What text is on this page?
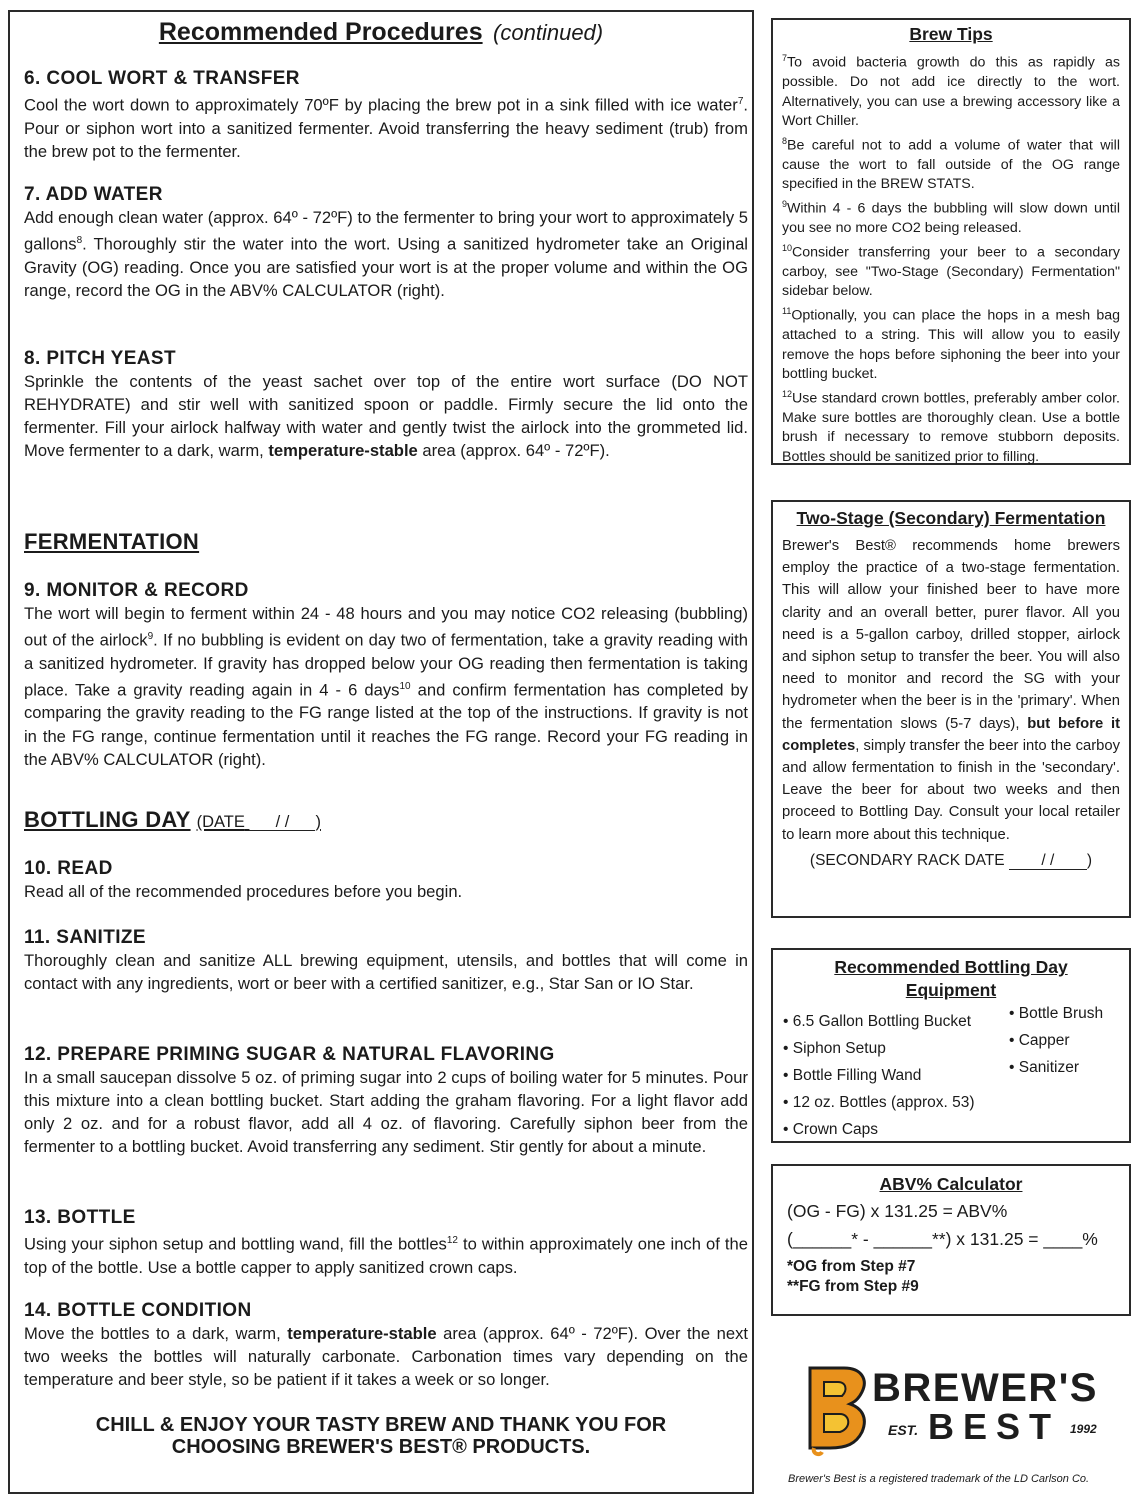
Recommended Procedures (continued)
6. COOL WORT & TRANSFER

Cool the wort down to approximately 70ºF by placing the brew pot in a sink filled with ice water$^7$. Pour or siphon wort into a sanitized fermenter. Avoid transferring the heavy sediment (trub) from the brew pot to the fermenter.

7. ADD WATER

Add enough clean water (approx. 64º - 72ºF) to the fermenter to bring your wort to approximately 5 gallons$^8$. Thoroughly stir the water into the wort. Using a sanitized hydrometer take an Original Gravity (OG) reading. Once you are satisfied your wort is at the proper volume and within the OG range, record the OG in the ABV% CALCULATOR (right).

8. PITCH YEAST

Sprinkle the contents of the yeast sachet over top of the entire wort surface (DO NOT REHYDRATE) and stir well with sanitized spoon or paddle. Firmly secure the lid onto the fermenter. Fill your airlock halfway with water and gently twist the airlock into the grommeted lid. Move fermenter to a dark, warm, temperature-stable area (approx. 64º - 72ºF).

FERMENTATION
9. MONITOR & RECORD

The wort will begin to ferment within 24 - 48 hours and you may notice CO2 releasing (bubbling) out of the airlock$^9$. If no bubbling is evident on day two of fermentation, take a gravity reading with a sanitized hydrometer. If gravity has dropped below your OG reading then fermentation is taking place. Take a gravity reading again in 4 - 6 days$^{10}$ and confirm fermentation has completed by comparing the gravity reading to the FG range listed at the top of the instructions. If gravity is not in the FG range, continue fermentation until it reaches the FG range. Record your FG reading in the ABV% CALCULATOR (right).

BOTTLING DAY (DATE / / )
10. READ

Read all of the recommended procedures before you begin.

11. SANITIZE

Thoroughly clean and sanitize ALL brewing equipment, utensils, and bottles that will come in contact with any ingredients, wort or beer with a certified sanitizer, e.g., Star San or IO Star.

12. PREPARE PRIMING SUGAR & NATURAL FLAVORING

In a small saucepan dissolve 5 oz. of priming sugar into 2 cups of boiling water for 5 minutes. Pour this mixture into a clean bottling bucket. Start adding the graham flavoring. For a light flavor add only 2 oz. and for a robust flavor, add all 4 oz. of flavoring. Carefully siphon beer from the fermenter to a bottling bucket. Avoid transferring any sediment. Stir gently for about a minute.

13. BOTTLE

Using your siphon setup and bottling wand, fill the bottles$^{12}$ to within approximately one inch of the top of the bottle. Use a bottle capper to apply sanitized crown caps.

14. BOTTLE CONDITION

Move the bottles to a dark, warm, temperature-stable area (approx. 64º - 72ºF). Over the next two weeks the bottles will naturally carbonate. Carbonation times vary depending on the temperature and beer style, so be patient if it takes a week or so longer.

CHILL & ENJOY YOUR TASTY BREW AND THANK YOU FOR
CHOOSING BREWER'S BEST® PRODUCTS.
Brew Tips
$^7$To avoid bacteria growth do this as rapidly as possible. Do not add ice directly to the wort. Alternatively, you can use a brewing accessory like a Wort Chiller.
$^8$Be careful not to add a volume of water that will cause the wort to fall outside of the OG range specified in the BREW STATS.
$^9$Within 4 - 6 days the bubbling will slow down until you see no more CO2 being released.
$^{10}$Consider transferring your beer to a secondary carboy, see "Two-Stage (Secondary) Fermentation" sidebar below.
$^{11}$Optionally, you can place the hops in a mesh bag attached to a string. This will allow you to easily remove the hops before siphoning the beer into your bottling bucket.
$^{12}$Use standard crown bottles, preferably amber color. Make sure bottles are thoroughly clean. Use a bottle brush if necessary to remove stubborn deposits. Bottles should be sanitized prior to filling.
Two-Stage (Secondary) Fermentation

Brewer's Best® recommends home brewers employ the practice of a two-stage fermentation. This will allow your finished beer to have more clarity and an overall better, purer flavor. All you need is a 5-gallon carboy, drilled stopper, airlock and siphon setup to transfer the beer. You will also need to monitor and record the SG with your hydrometer when the beer is in the 'primary'. When the fermentation slows (5-7 days), but before it completes, simply transfer the beer into the carboy and allow fermentation to finish in the 'secondary'. Leave the beer for about two weeks and then proceed to Bottling Day. Consult your local retailer to learn more about this technique.

(SECONDARY RACK DATE / / )
Recommended Bottling Day
Equipment
• 6.5 Gallon Bottling Bucket
• Siphon Setup
• Bottle Filling Wand
• 12 oz. Bottles (approx. 53)
• Crown Caps
• Bottle Brush
• Capper
• Sanitizer
ABV% Calculator
(OG - FG) x 131.25 = ABV%
(______* - ______**) x 131.25 = ____%
*OG from Step #7
**FG from Step #9
BREWER'S
EST. BEST 1992
Brewer's Best is a registered trademark of the LD Carlson Co.
